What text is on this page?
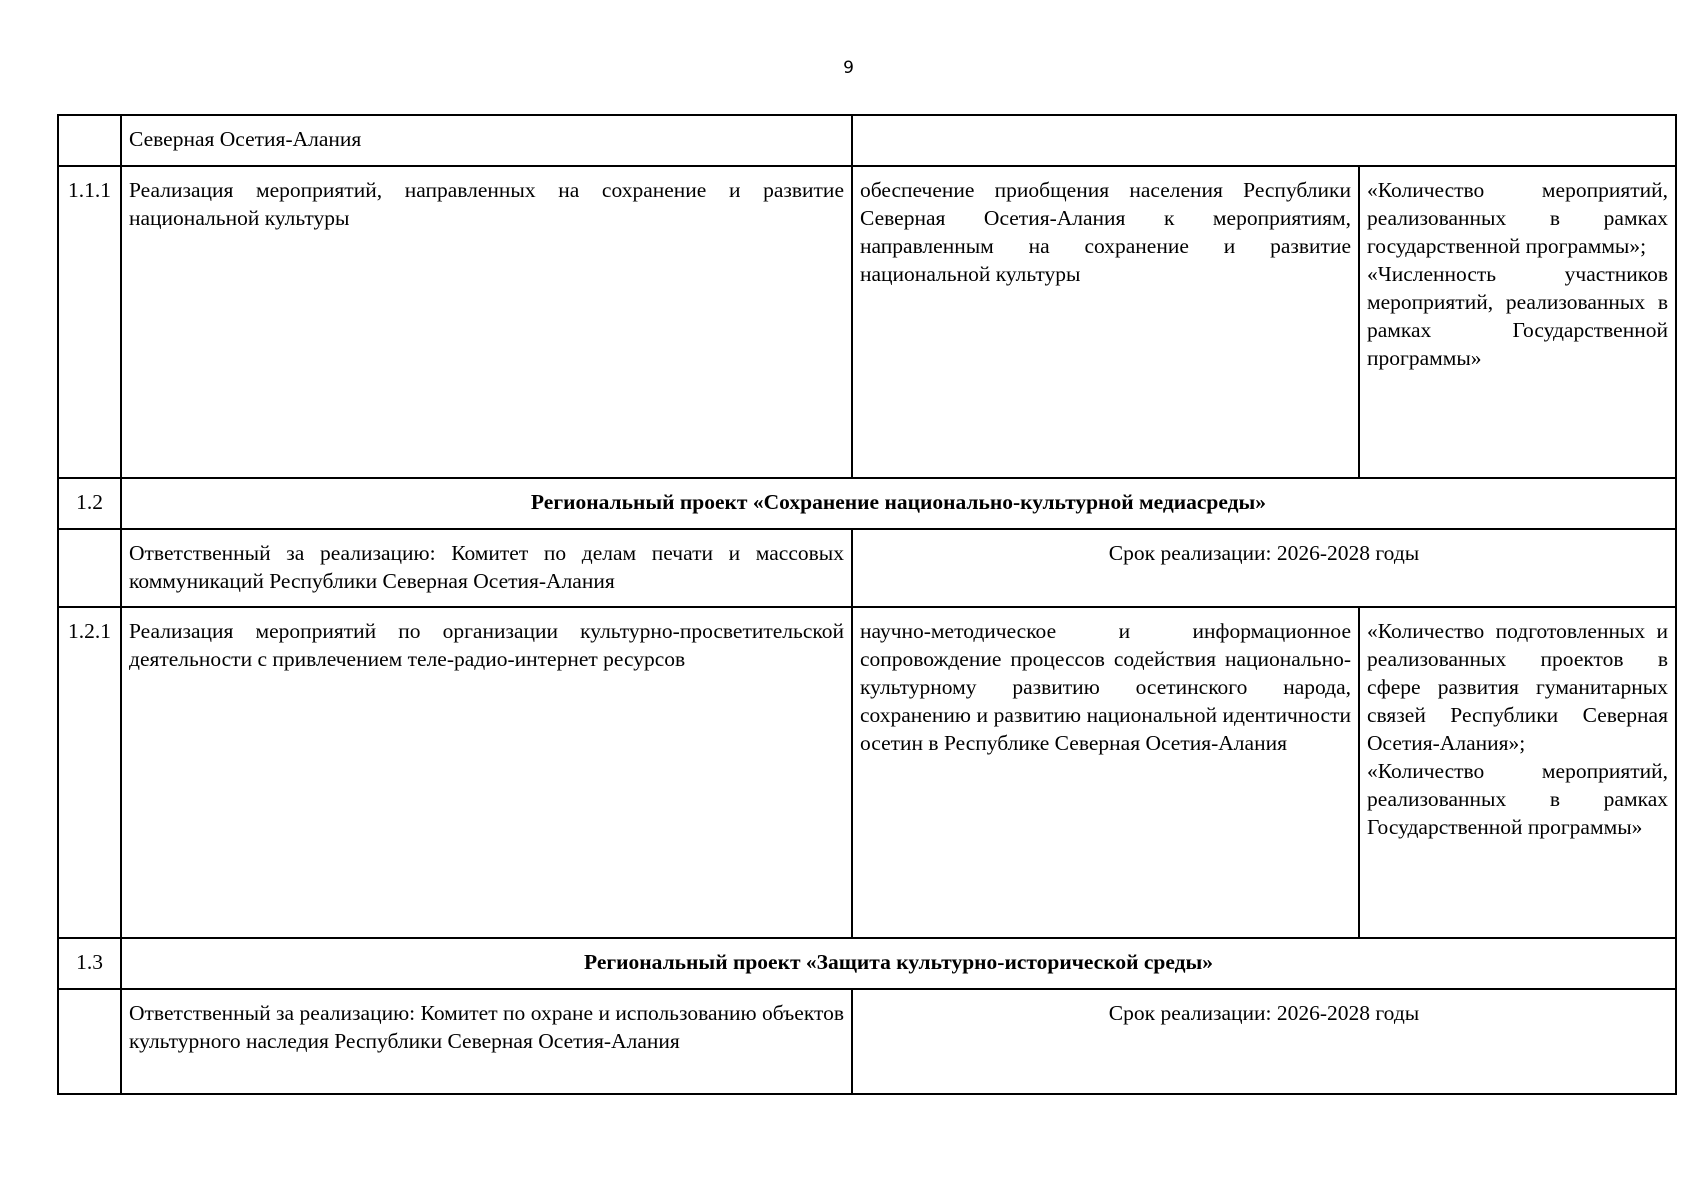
9
	Северная Осетия-Алания		
1.1.1	Реализация мероприятий, направленных на сохранение и развитие национальной культуры	обеспечение приобщения населения Республики Северная Осетия-Алания к мероприятиям, направленным на сохранение и развитие национальной культуры	«Количество мероприятий, реализованных в рамках государственной программы»;
«Численность участников мероприятий, реализованных в рамках Государственной программы»

1.2	Региональный проект «Сохранение национально-культурной медиасреды»		
	Ответственный за реализацию: Комитет по делам печати и массовых коммуникаций Республики Северная Осетия-Алания	Срок реализации: 2026-2028 годы	
1.2.1	Реализация мероприятий по организации культурно-просветительской деятельности с привлечением теле-радио-интернет ресурсов	научно-методическое и информационное сопровождение процессов содействия национально-культурному развитию осетинского народа, сохранению и развитию национальной идентичности осетин в Республике Северная Осетия-Алания	«Количество подготовленных и реализованных проектов в сфере развития гуманитарных связей Республики Северная Осетия-Алания»;
«Количество мероприятий, реализованных в рамках Государственной программы»

1.3	Региональный проект «Защита культурно-исторической среды»		
	Ответственный за реализацию: Комитет по охране и использованию объектов культурного наследия Республики Северная Осетия-Алания	Срок реализации: 2026-2028 годы	
